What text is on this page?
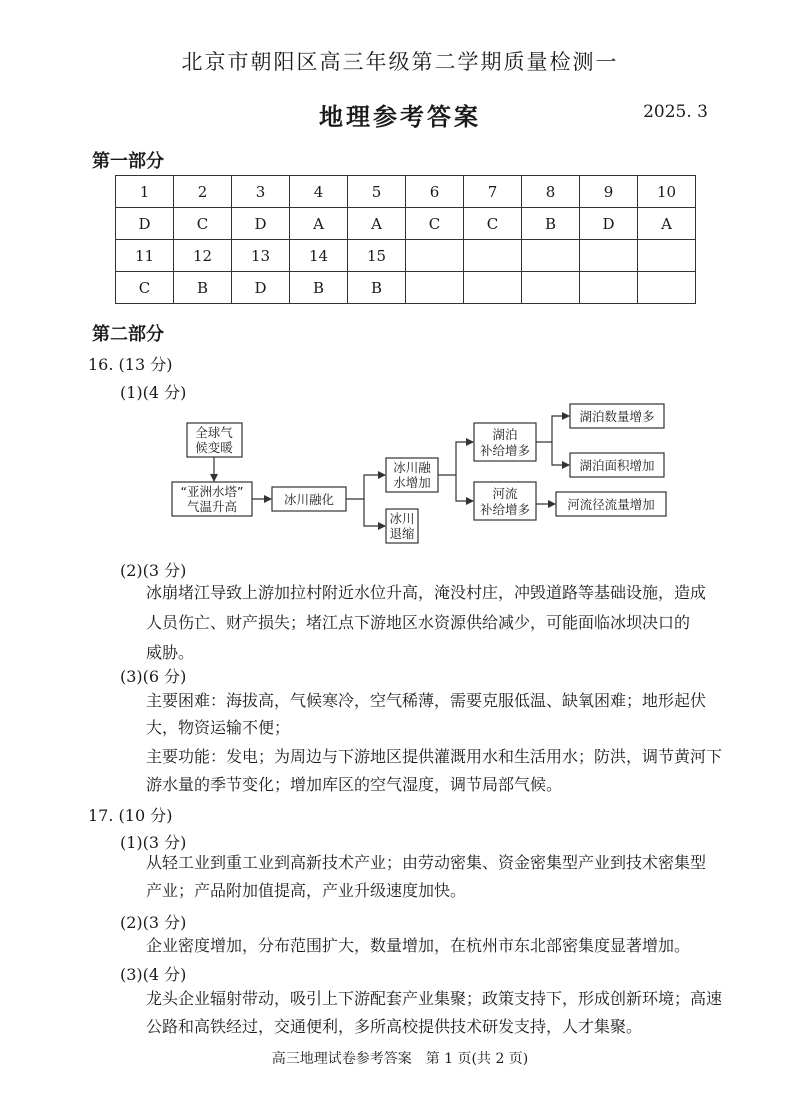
北京市朝阳区高三年级第二学期质量检测一
地理参考答案	2025. 3
第一部分
1	2	3	4	5	6	7	8	9	10
D	C	D	A	A	C	C	B	D	A
11	12	13	14	15					
C	B	D	B	B					
第二部分
16. (13 分)
(1)(4 分)
全球气
候变暖
“亚洲水塔”
气温升高	冰川融化
冰川融
水增加
冰川
退缩
湖泊
补给增多
河流
补给增多
湖泊数量增多
湖泊面积增加
河流径流量增加
(2)(3 分)
冰崩堵江导致上游加拉村附近水位升高，淹没村庄，冲毁道路等基础设施，造成
人员伤亡、财产损失；堵江点下游地区水资源供给减少，可能面临冰坝决口的
威胁。
(3)(6 分)
主要困难：海拔高，气候寒冷，空气稀薄，需要克服低温、缺氧困难；地形起伏
大，物资运输不便；
主要功能：发电；为周边与下游地区提供灌溉用水和生活用水；防洪，调节黄河下
游水量的季节变化；增加库区的空气湿度，调节局部气候。
17. (10 分)
(1)(3 分)
从轻工业到重工业到高新技术产业；由劳动密集、资金密集型产业到技术密集型
产业；产品附加值提高，产业升级速度加快。
(2)(3 分)
企业密度增加，分布范围扩大，数量增加，在杭州市东北部密集度显著增加。
(3)(4 分)
龙头企业辐射带动，吸引上下游配套产业集聚；政策支持下，形成创新环境；高速
公路和高铁经过，交通便利，多所高校提供技术研发支持，人才集聚。
高三地理试卷参考答案　第 1 页(共 2 页)
